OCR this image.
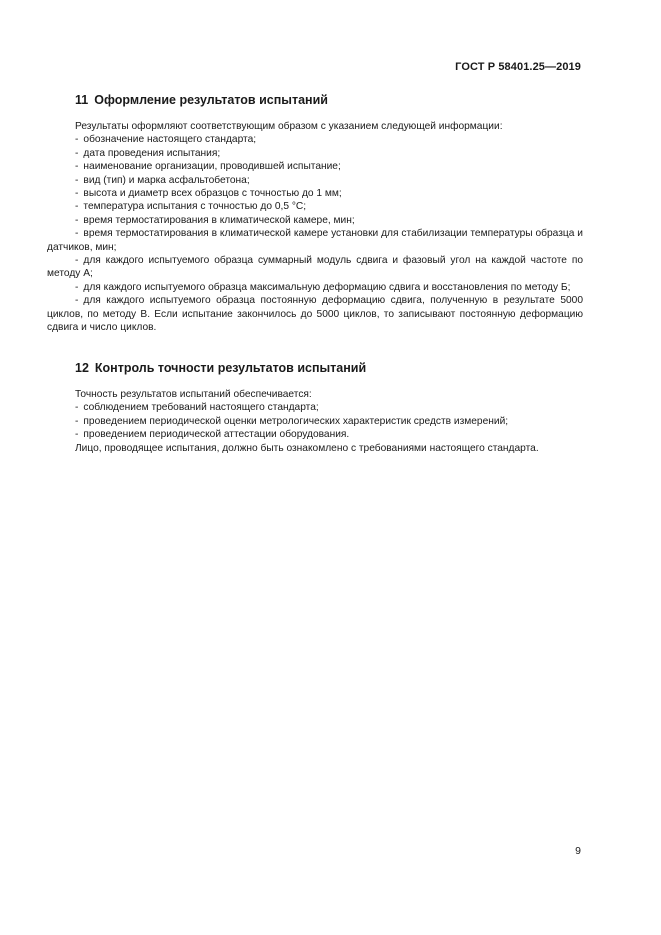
ГОСТ Р 58401.25—2019
11 Оформление результатов испытаний

Результаты оформляют соответствующим образом с указанием следующей информации:

- обозначение настоящего стандарта;

- дата проведения испытания;

- наименование организации, проводившей испытание;

- вид (тип) и марка асфальтобетона;

- высота и диаметр всех образцов с точностью до 1 мм;

- температура испытания с точностью до 0,5 °С;

- время термостатирования в климатической камере, мин;

- время термостатирования в климатической камере установки для стабилизации температуры образца и датчиков, мин;

- для каждого испытуемого образца суммарный модуль сдвига и фазовый угол на каждой частоте по методу А;

- для каждого испытуемого образца максимальную деформацию сдвига и восстановления по методу Б;

- для каждого испытуемого образца постоянную деформацию сдвига, полученную в результате 5000 циклов, по методу В. Если испытание закончилось до 5000 циклов, то записывают постоянную деформацию сдвига и число циклов.

12 Контроль точности результатов испытаний

Точность результатов испытаний обеспечивается:

- соблюдением требований настоящего стандарта;

- проведением периодической оценки метрологических характеристик средств измерений;

- проведением периодической аттестации оборудования.

Лицо, проводящее испытания, должно быть ознакомлено с требованиями настоящего стандарта.

9
